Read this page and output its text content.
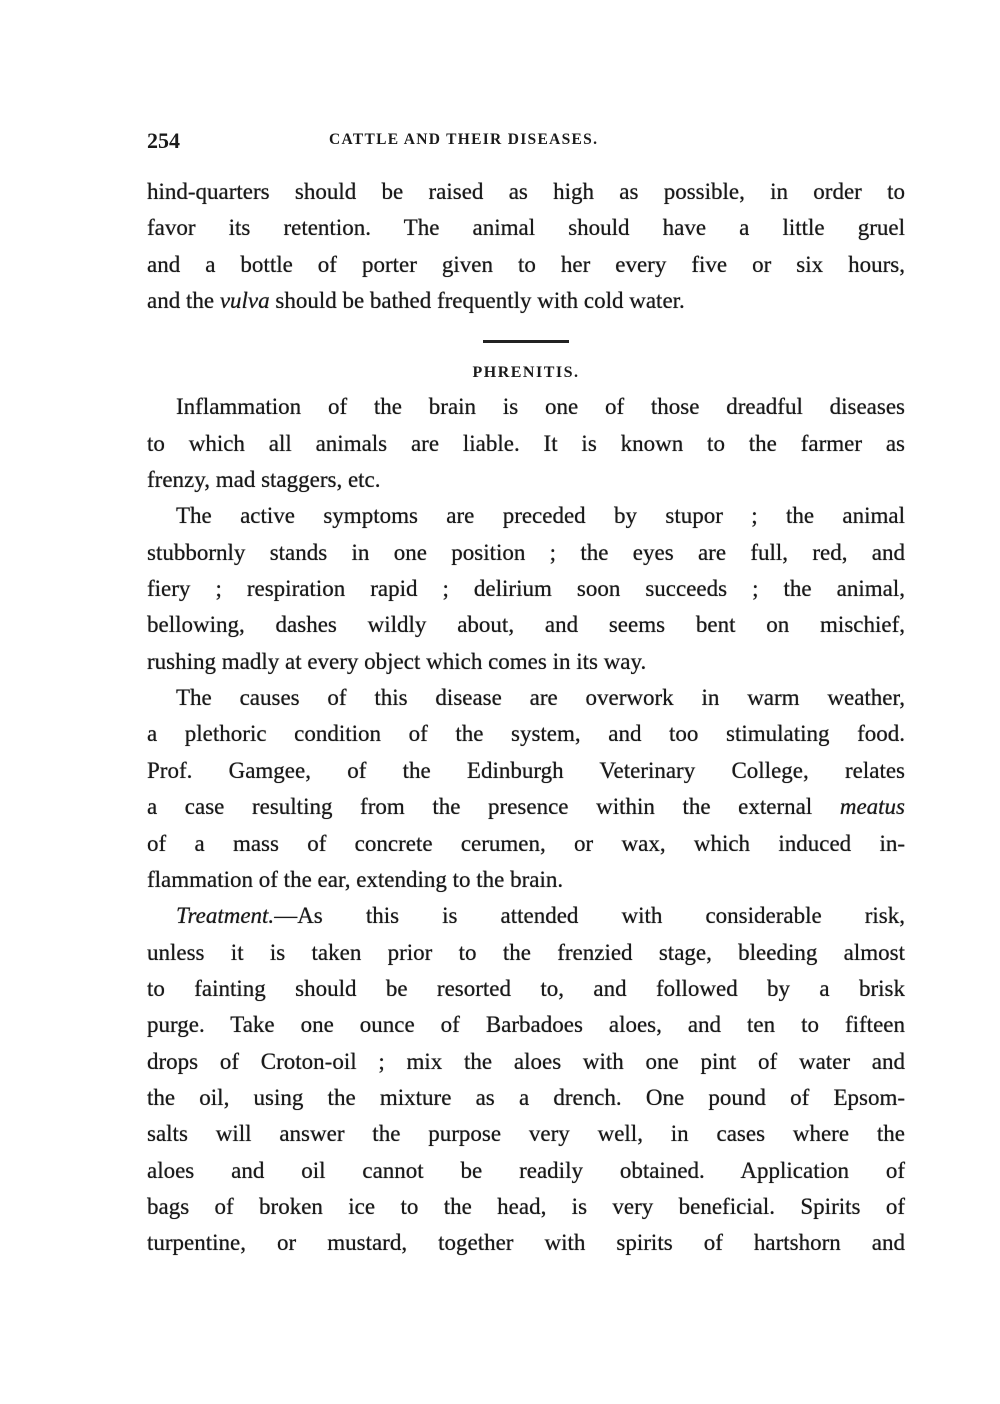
254	CATTLE AND THEIR DISEASES.
hind-quarters should be raised as high as possible, in order to
favor its retention. The animal should have a little gruel
and a bottle of porter given to her every five or six hours,
and the vulva should be bathed frequently with cold water.
PHRENITIS.
Inflammation of the brain is one of those dreadful diseases
to which all animals are liable. It is known to the farmer as
frenzy, mad staggers, etc.
The active symptoms are preceded by stupor ; the animal
stubbornly stands in one position ; the eyes are full, red, and
fiery ; respiration rapid ; delirium soon succeeds ; the animal,
bellowing, dashes wildly about, and seems bent on mischief,
rushing madly at every object which comes in its way.
The causes of this disease are overwork in warm weather,
a plethoric condition of the system, and too stimulating food.
Prof. Gamgee, of the Edinburgh Veterinary College, relates
a case resulting from the presence within the external meatus
of a mass of concrete cerumen, or wax, which induced in-
flammation of the ear, extending to the brain.
Treatment.—As this is attended with considerable risk,
unless it is taken prior to the frenzied stage, bleeding almost
to fainting should be resorted to, and followed by a brisk
purge. Take one ounce of Barbadoes aloes, and ten to fifteen
drops of Croton-oil ; mix the aloes with one pint of water and
the oil, using the mixture as a drench. One pound of Epsom-
salts will answer the purpose very well, in cases where the
aloes and oil cannot be readily obtained. Application of
bags of broken ice to the head, is very beneficial. Spirits of
turpentine, or mustard, together with spirits of hartshorn and
